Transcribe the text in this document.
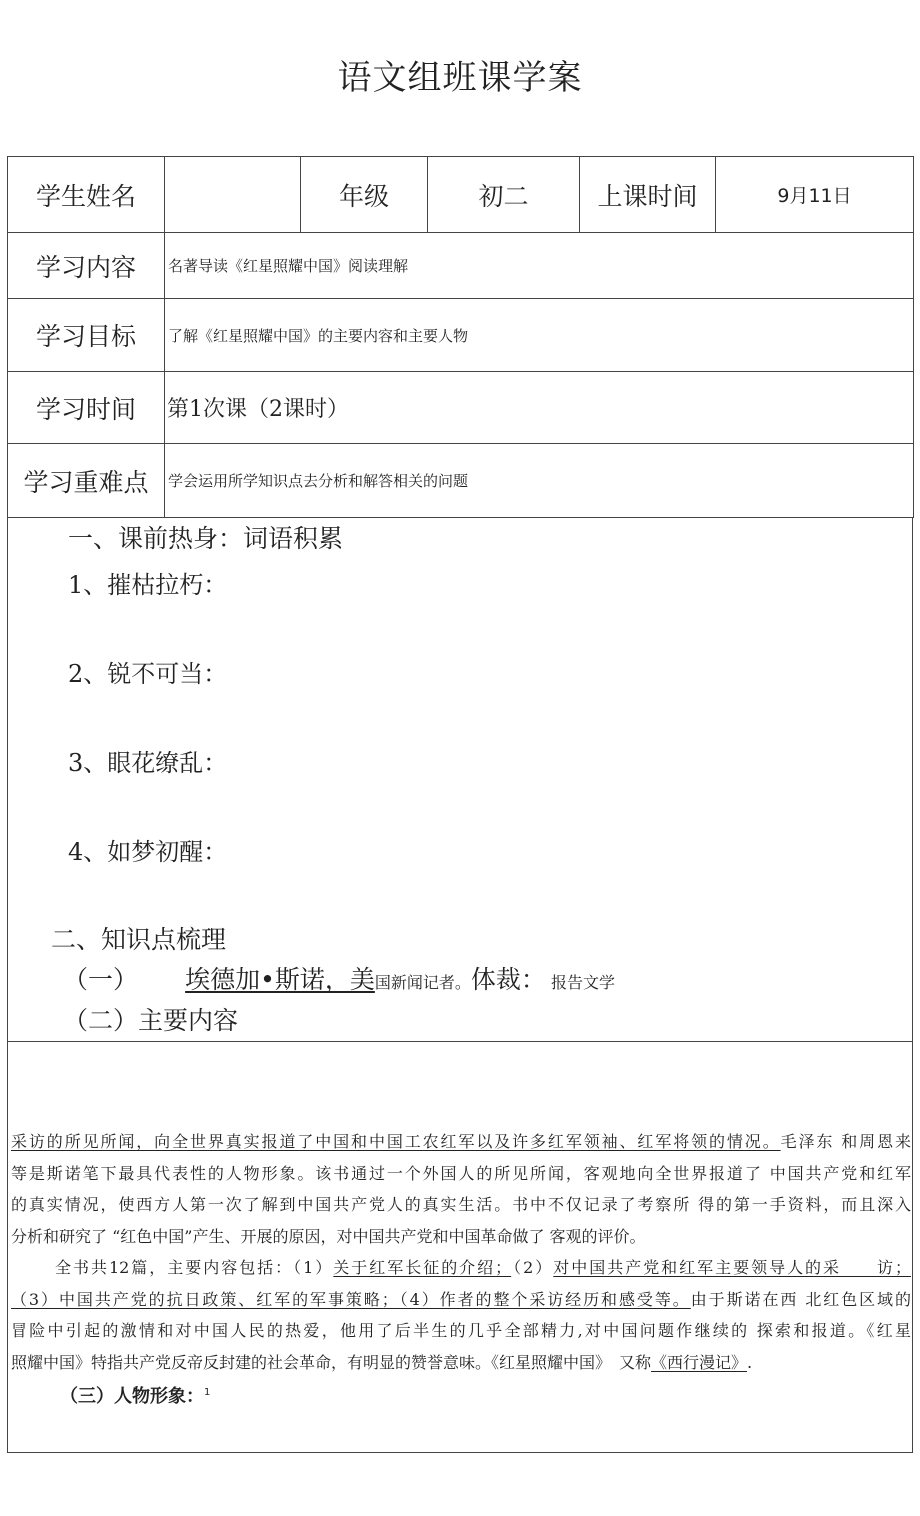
语文组班课学案
学生姓名		年级	初二	上课时间	9月11日
学习内容	名著导读《红星照耀中国》阅读理解				
学习目标	了解《红星照耀中国》的主要内容和主要人物				
学习时间	第1次课（2课时）				
学习重难点	学会运用所学知识点去分析和解答相关的问题				
一、课前热身：词语积累
1、摧枯拉朽：
2、锐不可当：
3、眼花缭乱：
4、如梦初醒：
二、知识点梳理
（一） 埃德加•斯诺，美国新闻记者。体裁： 报告文学
（二）主要内容
采访的所见所闻，向全世界真实报道了中国和中国工农红军以及许多红军领袖、红军将领的情况。毛泽东 和周恩来
等是斯诺笔下最具代表性的人物形象。该书通过一个外国人的所见所闻，客观地向全世界报道了 中国共产党和红军
的真实情况，使西方人第一次了解到中国共产党人的真实生活。书中不仅记录了考察所 得的第一手资料，而且深入
分析和研究了 “红色中国”产生、开展的原因，对中国共产党和中国革命做了 客观的评价。
全书共12篇，主要内容包括：（1）关于红军长征的介绍；（2）对中国共产党和红军主要领导人的采　　访；
（3）中国共产党的抗日政策、红军的军事策略；（4）作者的整个采访经历和感受等。由于斯诺在西 北红色区域的
冒险中引起的激情和对中国人民的热爱，他用了后半生的几乎全部精力,对中国问题作继续的 探索和报道。《红星
照耀中国》特指共产党反帝反封建的社会革命，有明显的赞誉意味。《红星照耀中国》　又称《西行漫记》.
（三）人物形象：$^1$
